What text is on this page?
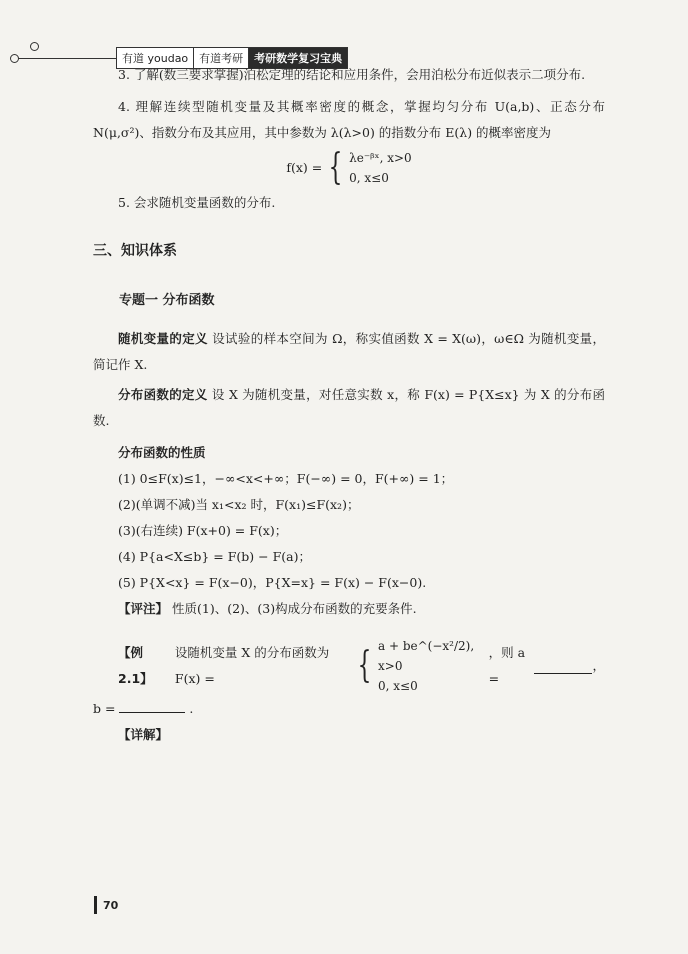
有道 youdao	有道考研	考研数学复习宝典

3. 了解(数三要求掌握)泊松定理的结论和应用条件，会用泊松分布近似表示二项分布.

4. 理解连续型随机变量及其概率密度的概念，掌握均匀分布 U(a,b)、正态分布 N(μ,σ²)、指数分布及其应用，其中参数为 λ(λ>0) 的指数分布 E(λ) 的概率密度为

f(x) = { λe⁻ᵝˣ, x>0
0, x≤0

5. 会求随机变量函数的分布.

三、知识体系

专题一 分布函数

随机变量的定义 设试验的样本空间为 Ω，称实值函数 X = X(ω)，ω∈Ω 为随机变量，简记作 X.

分布函数的定义 设 X 为随机变量，对任意实数 x，称 F(x) = P{X≤x} 为 X 的分布函数.

分布函数的性质

(1) 0≤F(x)≤1，−∞<x<+∞；F(−∞) = 0，F(+∞) = 1；

(2)(单调不减)当 x₁<x₂ 时，F(x₁)≤F(x₂)；

(3)(右连续) F(x+0) = F(x)；

(4) P{a<X≤b} = F(b) − F(a)；

(5) P{X<x} = F(x−0)，P{X=x} = F(x) − F(x−0).

【评注】 性质(1)、(2)、(3)构成分布函数的充要条件.

【例 2.1】
设随机变量 X 的分布函数为 F(x) =	{ a + be^(−x²/2), x>0
0, x≤0
，则 a =
，

b =	.

【详解】

70
